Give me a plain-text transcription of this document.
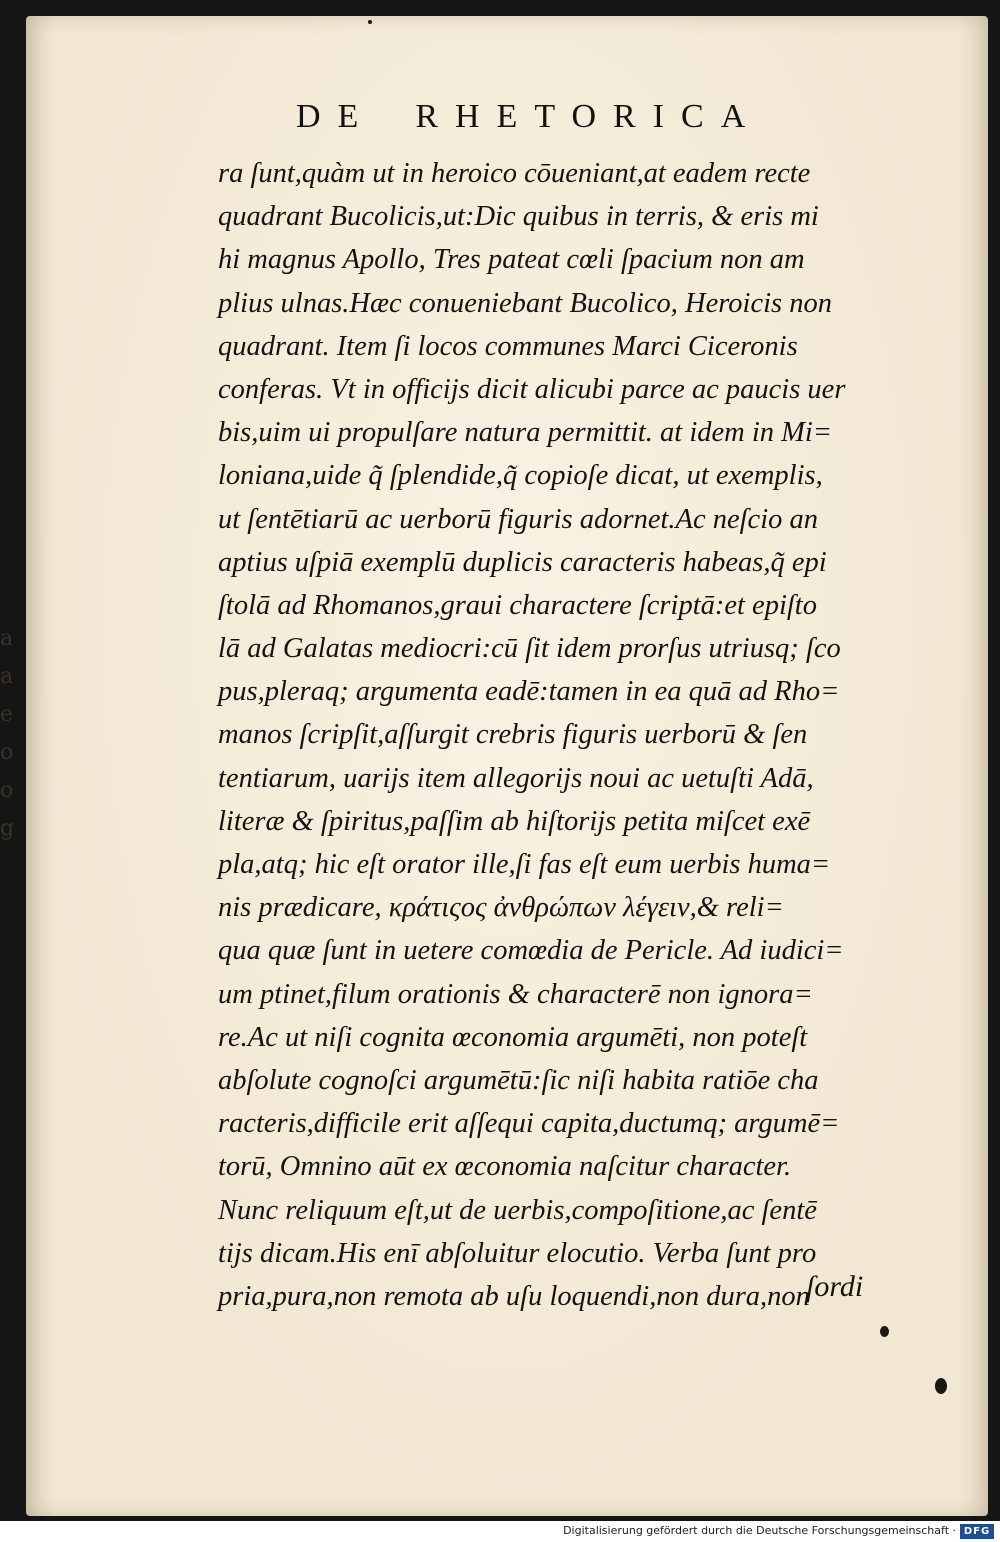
a
a
e
o
o
g
DE RHETORICA
ra ſunt,quàm ut in heroico cōueniant,at eadem recte
quadrant Bucolicis,ut:Dic quibus in terris, & eris mi
hi magnus Apollo, Tres pateat cœli ſpacium non am
plius ulnas.Hæc conueniebant Bucolico, Heroicis non
quadrant. Item ſi locos communes Marci Ciceronis
conferas. Vt in officijs dicit alicubi parce ac paucis uer
bis,uim ui propulſare natura permittit. at idem in Mi=
loniana,uide q̃ ſplendide,q̃ copioſe dicat, ut exemplis,
ut ſentētiarū ac uerborū figuris adornet.Ac neſcio an
aptius uſpiā exemplū duplicis caracteris habeas,q̃ epi
ſtolā ad Rhomanos,graui charactere ſcriptā:et epiſto
lā ad Galatas mediocri:cū ſit idem prorſus utriusq; ſco
pus,pleraq; argumenta eadē:tamen in ea quā ad Rho=
manos ſcripſit,aſſurgit crebris figuris uerborū & ſen
tentiarum, uarijs item allegorijs noui ac uetuſti Adā,
literæ & ſpiritus,paſſim ab hiſtorijs petita miſcet exē
pla,atq; hic eſt orator ille,ſi fas eſt eum uerbis huma=
nis prædicare, κράτιςος ἀνθρώπων λέγειν,& reli=
qua quæ ſunt in uetere comœdia de Pericle. Ad iudici=
um ptinet,filum orationis & characterē non ignora=
re.Ac ut niſi cognita œconomia argumēti, non poteſt
abſolute cognoſci argumētū:ſic niſi habita ratiōe cha
racteris,difficile erit aſſequi capita,ductumq; argumē=
torū, Omnino aūt ex œconomia naſcitur character.
Nunc reliquum eſt,ut de uerbis,compoſitione,ac ſentē
tijs dicam.His enī abſoluitur elocutio. Verba ſunt pro
pria,pura,non remota ab uſu loquendi,non dura,non
ſordi
Digitalisierung gefördert durch die Deutsche Forschungsgemeinschaft · DFG
